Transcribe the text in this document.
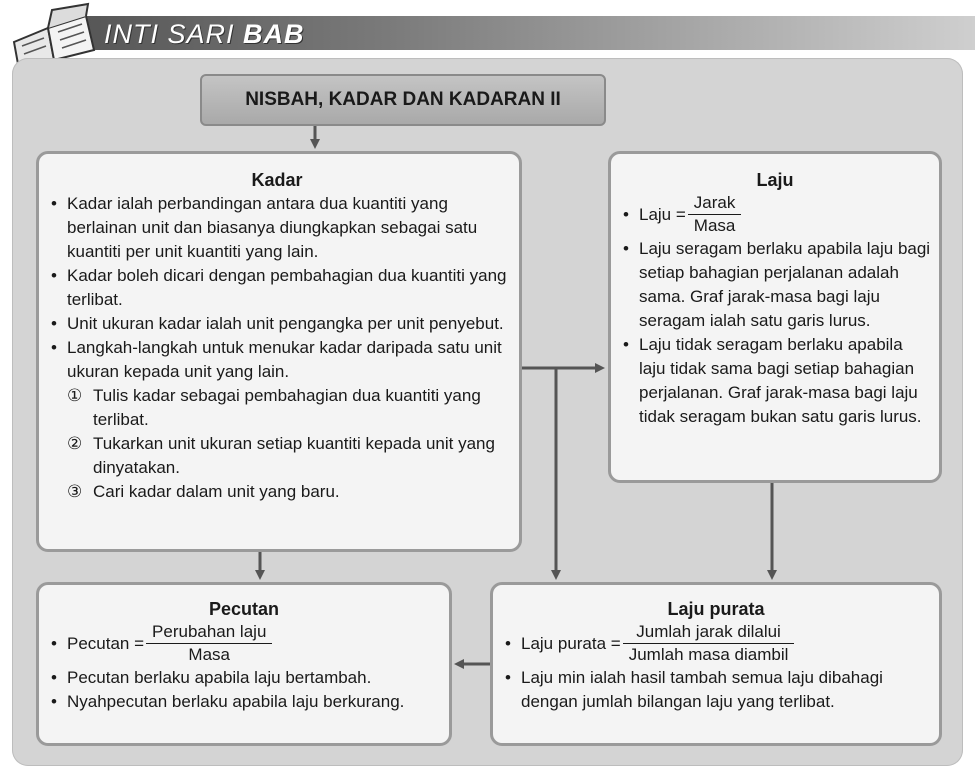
INTI SARI BAB
NISBAH, KADAR DAN KADARAN II
Kadar
• Kadar ialah perbandingan antara dua kuantiti yang berlainan unit dan biasanya diungkapkan sebagai satu kuantiti per unit kuantiti yang lain.
• Kadar boleh dicari dengan pembahagian dua kuantiti yang terlibat.
• Unit ukuran kadar ialah unit pengangka per unit penyebut.
• Langkah-langkah untuk menukar kadar daripada satu unit ukuran kepada unit yang lain.
① Tulis kadar sebagai pembahagian dua kuantiti yang terlibat.
② Tukarkan unit ukuran setiap kuantiti kepada unit yang dinyatakan.
③ Cari kadar dalam unit yang baru.
Laju
• Laju = $\frac{\text{Jarak}}{\text{Masa}}$
• Laju seragam berlaku apabila laju bagi setiap bahagian perjalanan adalah sama. Graf jarak-masa bagi laju seragam ialah satu garis lurus.
• Laju tidak seragam berlaku apabila laju tidak sama bagi setiap bahagian perjalanan. Graf jarak-masa bagi laju tidak seragam bukan satu garis lurus.
Pecutan
• Pecutan = $\frac{\text{Perubahan laju}}{\text{Masa}}$
• Pecutan berlaku apabila laju bertambah.
• Nyahpecutan berlaku apabila laju berkurang.
Laju purata
• Laju purata = $\frac{\text{Jumlah jarak dilalui}}{\text{Jumlah masa diambil}}$
• Laju min ialah hasil tambah semua laju dibahagi dengan jumlah bilangan laju yang terlibat.
